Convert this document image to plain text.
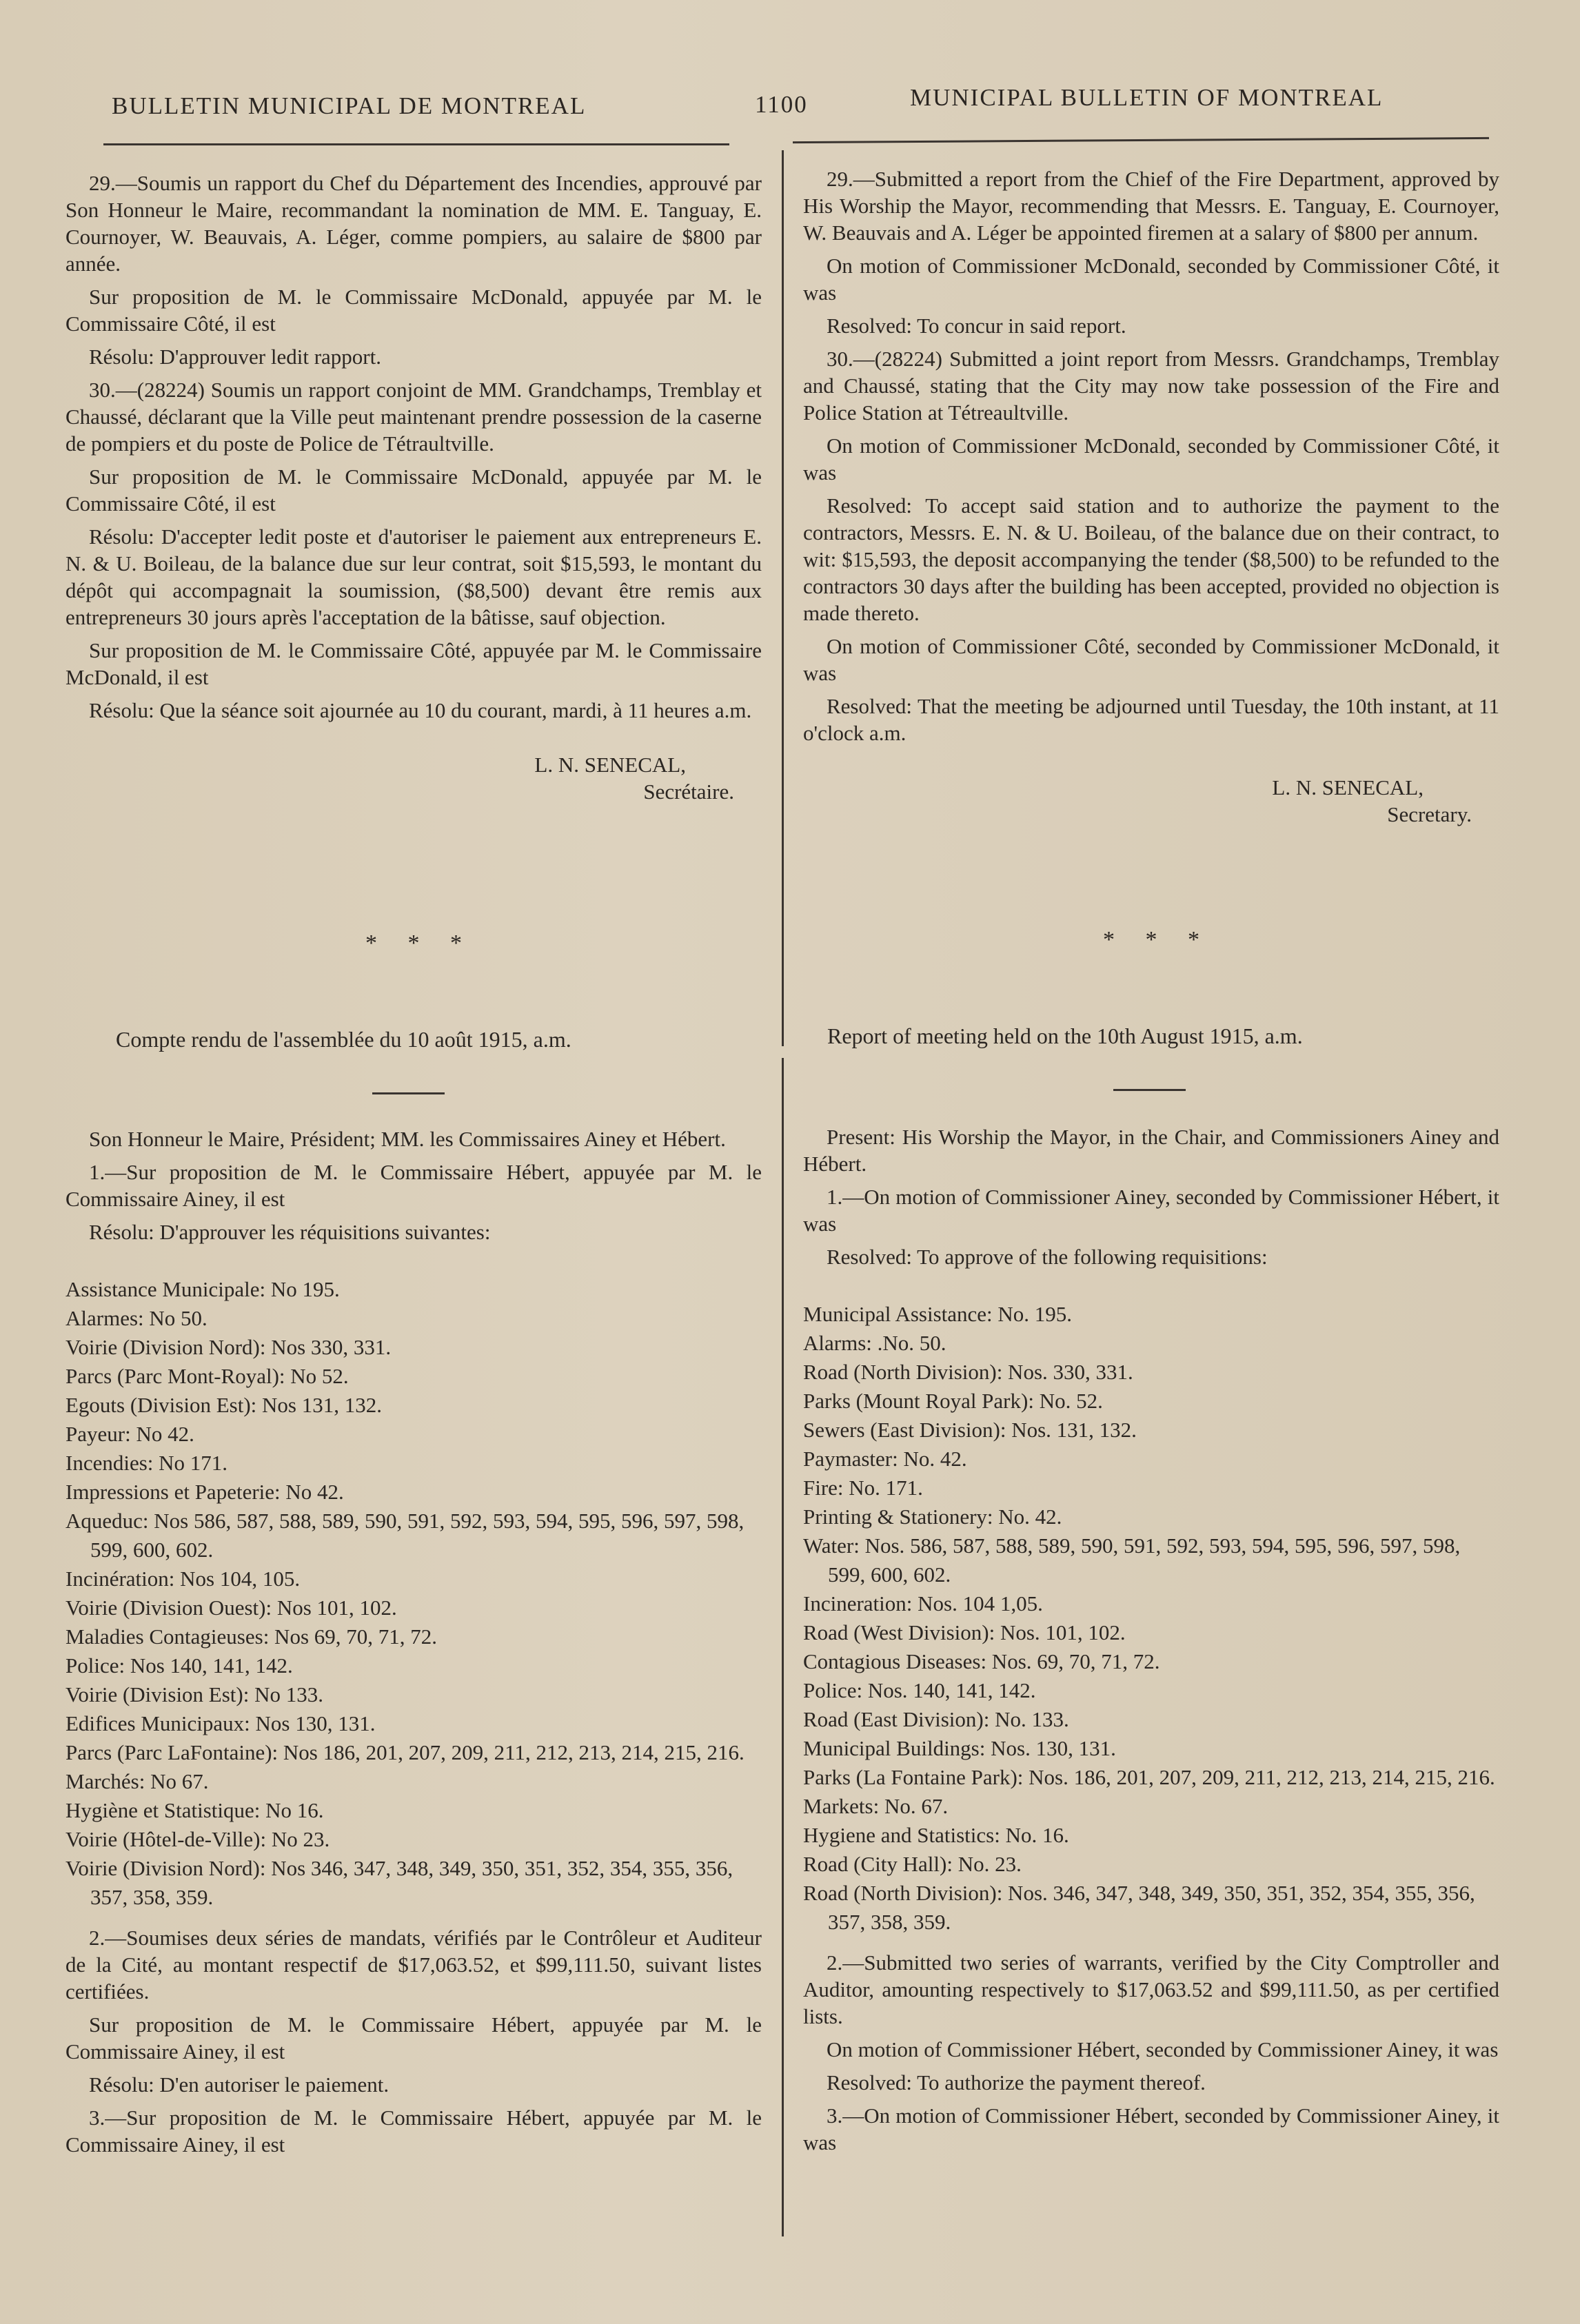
BULLETIN MUNICIPAL DE MONTREAL	1100	MUNICIPAL BULLETIN OF MONTREAL

29.—Soumis un rapport du Chef du Département des Incendies, approuvé par Son Honneur le Maire, recommandant la nomination de MM. E. Tanguay, E. Cournoyer, W. Beauvais, A. Léger, comme pompiers, au salaire de $800 par année.

Sur proposition de M. le Commissaire McDonald, appuyée par M. le Commissaire Côté, il est

Résolu: D'approuver ledit rapport.

30.—(28224) Soumis un rapport conjoint de MM. Grandchamps, Tremblay et Chaussé, déclarant que la Ville peut maintenant prendre possession de la caserne de pompiers et du poste de Police de Tétraultville.

Sur proposition de M. le Commissaire McDonald, appuyée par M. le Commissaire Côté, il est

Résolu: D'accepter ledit poste et d'autoriser le paiement aux entrepreneurs E. N. & U. Boileau, de la balance due sur leur contrat, soit $15,593, le montant du dépôt qui accompagnait la soumission, ($8,500) devant être remis aux entrepreneurs 30 jours après l'acceptation de la bâtisse, sauf objection.

Sur proposition de M. le Commissaire Côté, appuyée par M. le Commissaire McDonald, il est

Résolu: Que la séance soit ajournée au 10 du courant, mardi, à 11 heures a.m.

L. N. SENECAL,
Secrétaire.
* * *
Compte rendu de l'assemblée du 10 août 1915, a.m.

Son Honneur le Maire, Président; MM. les Commissaires Ainey et Hébert.

1.—Sur proposition de M. le Commissaire Hébert, appuyée par M. le Commissaire Ainey, il est

Résolu: D'approuver les réquisitions suivantes:

Assistance Municipale: No 195.

Alarmes: No 50.

Voirie (Division Nord): Nos 330, 331.

Parcs (Parc Mont-Royal): No 52.

Egouts (Division Est): Nos 131, 132.

Payeur: No 42.

Incendies: No 171.

Impressions et Papeterie: No 42.

Aqueduc: Nos 586, 587, 588, 589, 590, 591, 592, 593, 594, 595, 596, 597, 598, 599, 600, 602.

Incinération: Nos 104, 105.

Voirie (Division Ouest): Nos 101, 102.

Maladies Contagieuses: Nos 69, 70, 71, 72.

Police: Nos 140, 141, 142.

Voirie (Division Est): No 133.

Edifices Municipaux: Nos 130, 131.

Parcs (Parc LaFontaine): Nos 186, 201, 207, 209, 211, 212, 213, 214, 215, 216.

Marchés: No 67.

Hygiène et Statistique: No 16.

Voirie (Hôtel-de-Ville): No 23.

Voirie (Division Nord): Nos 346, 347, 348, 349, 350, 351, 352, 354, 355, 356, 357, 358, 359.

2.—Soumises deux séries de mandats, vérifiés par le Contrôleur et Auditeur de la Cité, au montant respectif de $17,063.52, et $99,111.50, suivant listes certifiées.

Sur proposition de M. le Commissaire Hébert, appuyée par M. le Commissaire Ainey, il est

Résolu: D'en autoriser le paiement.

3.—Sur proposition de M. le Commissaire Hébert, appuyée par M. le Commissaire Ainey, il est

29.—Submitted a report from the Chief of the Fire Department, approved by His Worship the Mayor, recommending that Messrs. E. Tanguay, E. Cournoyer, W. Beauvais and A. Léger be appointed firemen at a salary of $800 per annum.

On motion of Commissioner McDonald, seconded by Commissioner Côté, it was

Resolved: To concur in said report.

30.—(28224) Submitted a joint report from Messrs. Grandchamps, Tremblay and Chaussé, stating that the City may now take possession of the Fire and Police Station at Tétreaultville.

On motion of Commissioner McDonald, seconded by Commissioner Côté, it was

Resolved: To accept said station and to authorize the payment to the contractors, Messrs. E. N. & U. Boileau, of the balance due on their contract, to wit: $15,593, the deposit accompanying the tender ($8,500) to be refunded to the contractors 30 days after the building has been accepted, provided no objection is made thereto.

On motion of Commissioner Côté, seconded by Commissioner McDonald, it was

Resolved: That the meeting be adjourned until Tuesday, the 10th instant, at 11 o'clock a.m.

L. N. SENECAL,
Secretary.
* * *
Report of meeting held on the 10th August 1915, a.m.

Present: His Worship the Mayor, in the Chair, and Commissioners Ainey and Hébert.

1.—On motion of Commissioner Ainey, seconded by Commissioner Hébert, it was

Resolved: To approve of the following requisitions:

Municipal Assistance: No. 195.

Alarms: .No. 50.

Road (North Division): Nos. 330, 331.

Parks (Mount Royal Park): No. 52.

Sewers (East Division): Nos. 131, 132.

Paymaster: No. 42.

Fire: No. 171.

Printing & Stationery: No. 42.

Water: Nos. 586, 587, 588, 589, 590, 591, 592, 593, 594, 595, 596, 597, 598, 599, 600, 602.

Incineration: Nos. 104 1,05.

Road (West Division): Nos. 101, 102.

Contagious Diseases: Nos. 69, 70, 71, 72.

Police: Nos. 140, 141, 142.

Road (East Division): No. 133.

Municipal Buildings: Nos. 130, 131.

Parks (La Fontaine Park): Nos. 186, 201, 207, 209, 211, 212, 213, 214, 215, 216.

Markets: No. 67.

Hygiene and Statistics: No. 16.

Road (City Hall): No. 23.

Road (North Division): Nos. 346, 347, 348, 349, 350, 351, 352, 354, 355, 356, 357, 358, 359.

2.—Submitted two series of warrants, verified by the City Comptroller and Auditor, amounting respectively to $17,063.52 and $99,111.50, as per certified lists.

On motion of Commissioner Hébert, seconded by Commissioner Ainey, it was

Resolved: To authorize the payment thereof.

3.—On motion of Commissioner Hébert, seconded by Commissioner Ainey, it was
